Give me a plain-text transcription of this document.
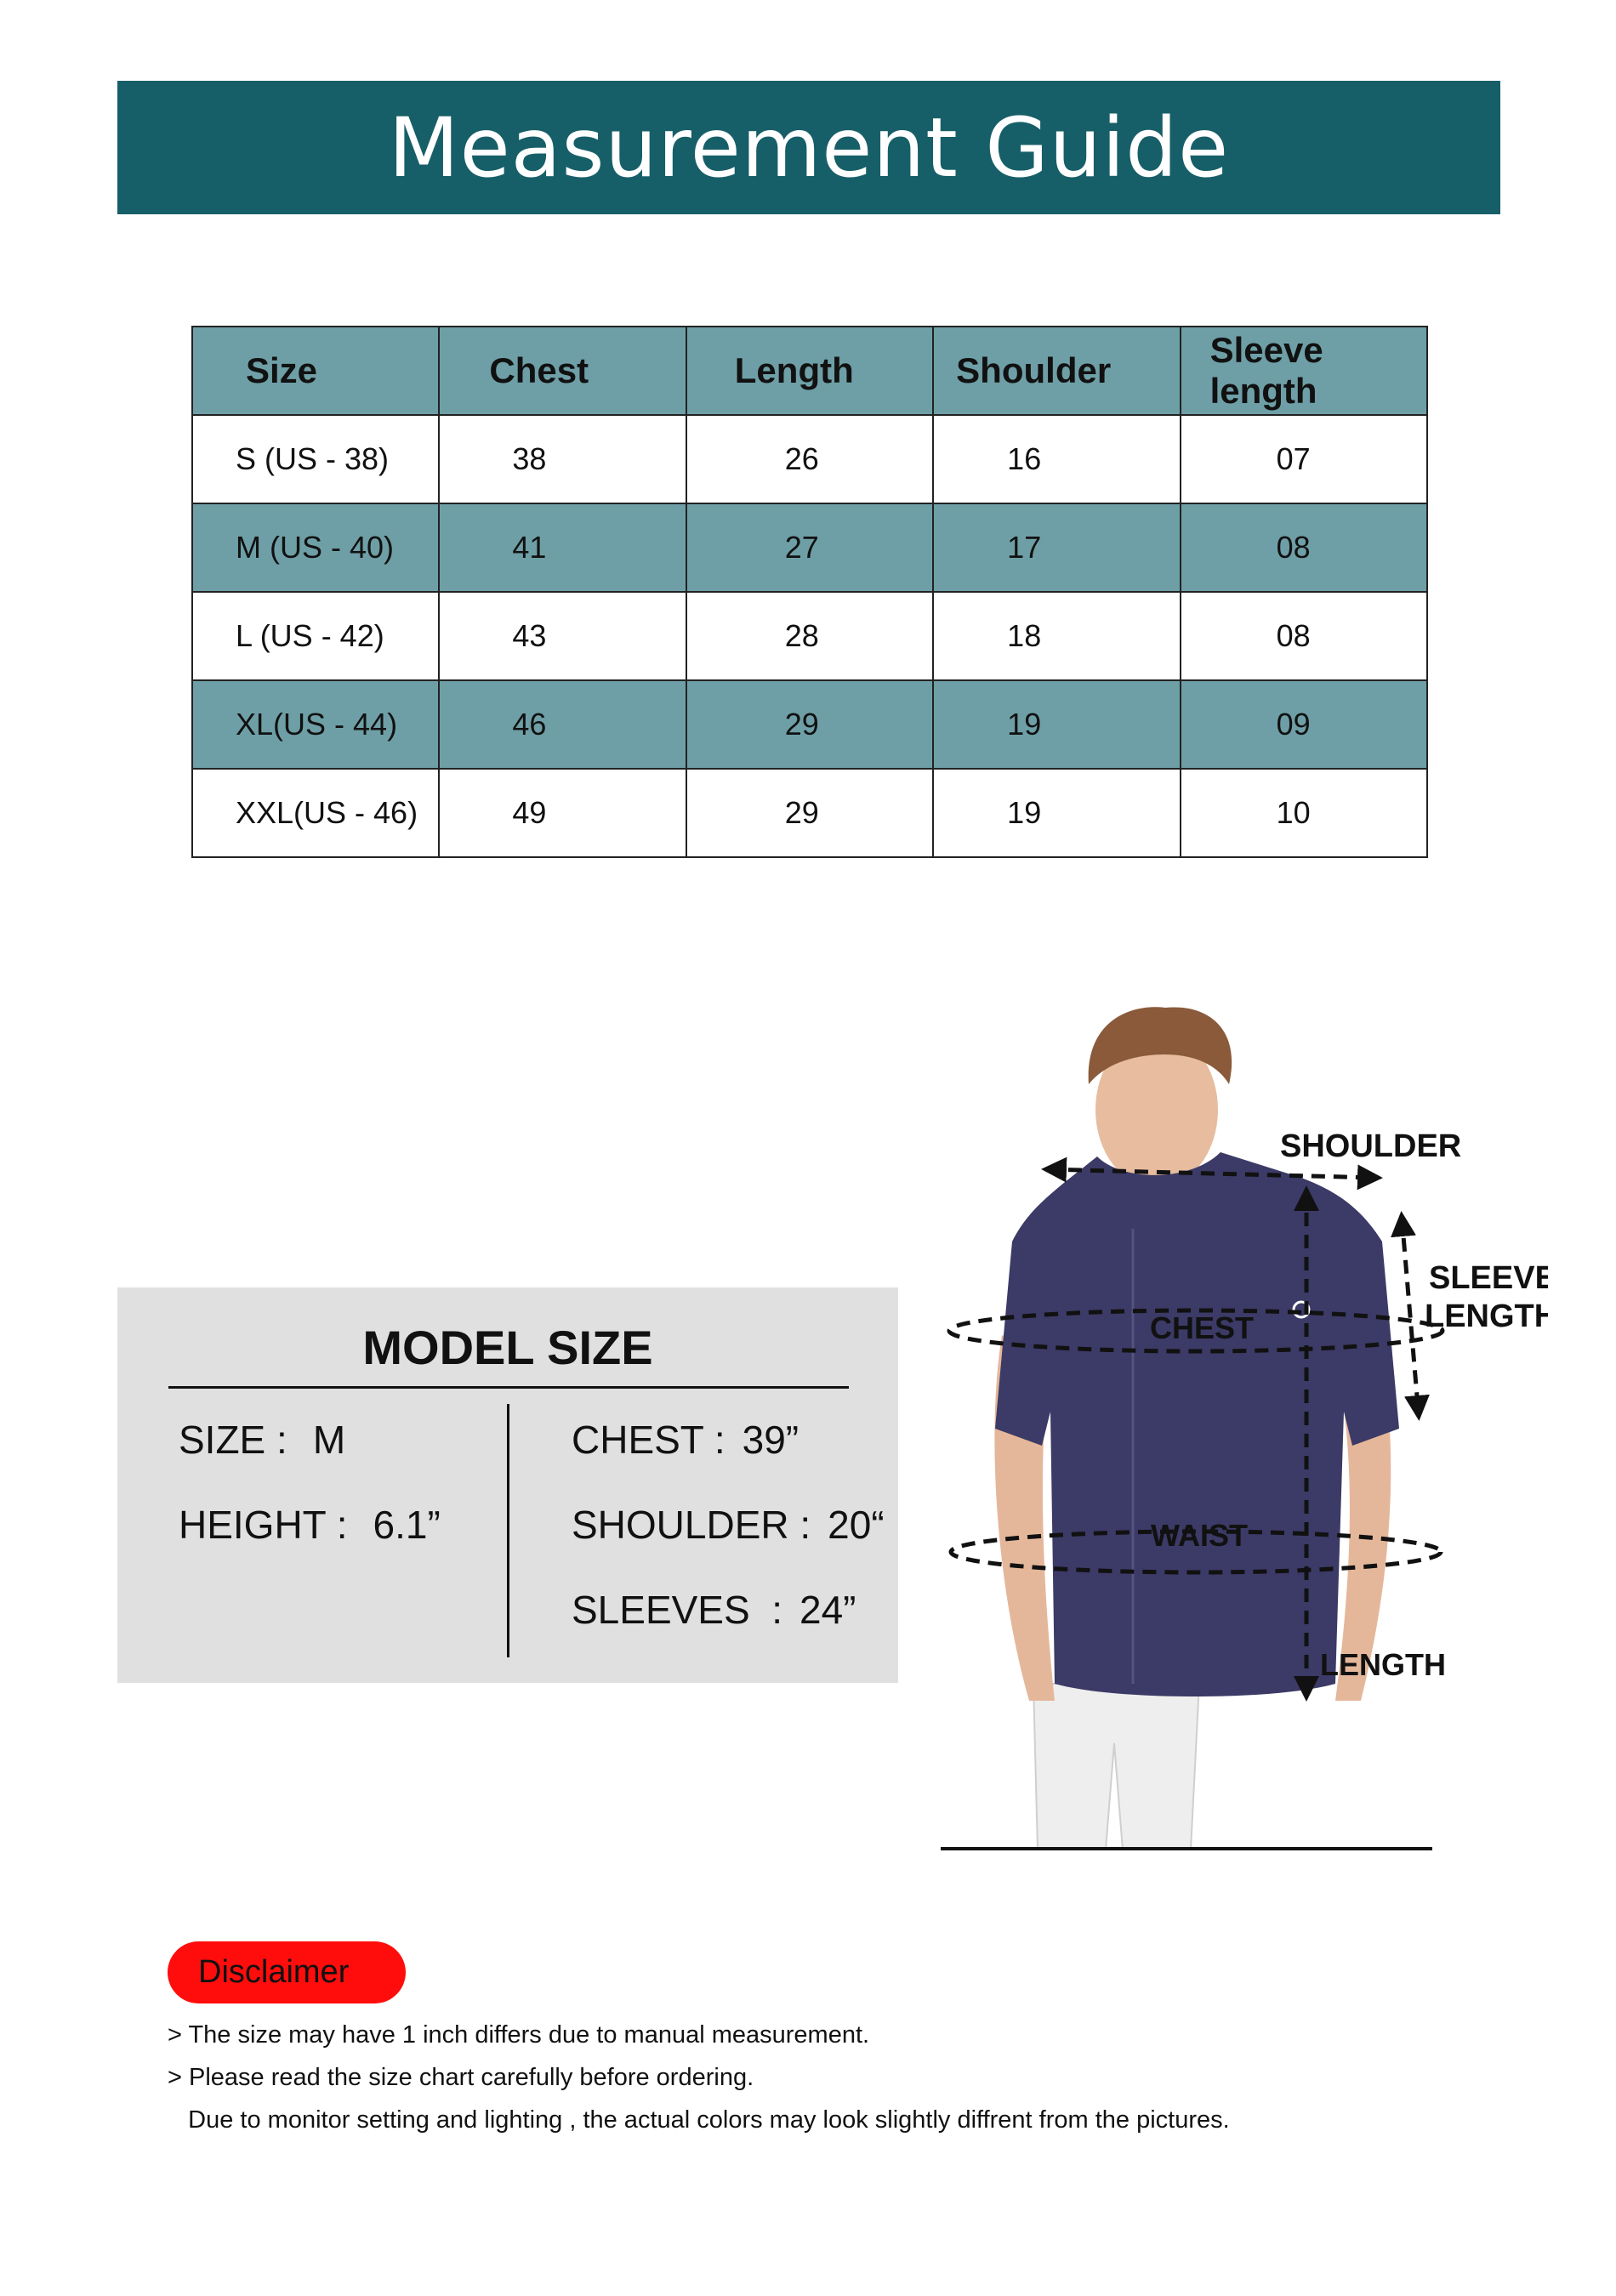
Measurement Guide
Size	Chest	Length	Shoulder	Sleeve length
S (US - 38)	38	26	16	07
M (US - 40)	41	27	17	08
L (US - 42)	43	28	18	08
XL(US - 44)	46	29	19	09
XXL(US - 46)	49	29	19	10
MODEL SIZE
SIZE : M
HEIGHT : 6.1”
CHEST : 39”
SHOULDER : 20“
SLEEVES  : 24”
SHOULDER
SLEEVE
LENGTH
CHEST
WAIST
LENGTH
Disclaimer
> The size may have 1 inch differs due to manual measurement.
> Please read the size chart carefully before ordering.
Due to monitor setting and lighting , the actual colors may look slightly diffrent from the pictures.
